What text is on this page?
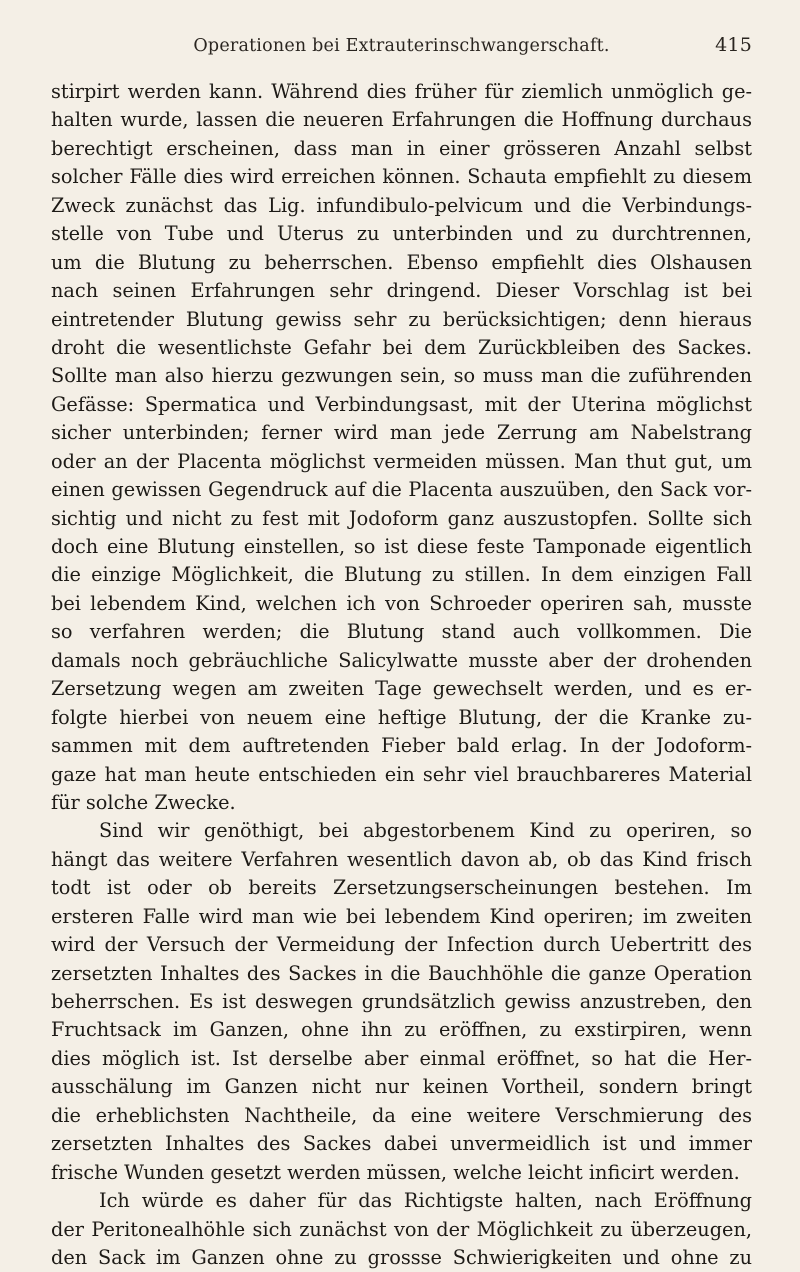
Operationen bei Extrauterinschwangerschaft.	415
stirpirt werden kann. Während dies früher für ziemlich unmöglich ge-
halten wurde, lassen die neueren Erfahrungen die Hoffnung durchaus
berechtigt erscheinen, dass man in einer grösseren Anzahl selbst
solcher Fälle dies wird erreichen können. Schauta empfiehlt zu diesem
Zweck zunächst das Lig. infundibulo-pelvicum und die Verbindungs-
stelle von Tube und Uterus zu unterbinden und zu durchtrennen,
um die Blutung zu beherrschen. Ebenso empfiehlt dies Olshausen
nach seinen Erfahrungen sehr dringend. Dieser Vorschlag ist bei
eintretender Blutung gewiss sehr zu berücksichtigen; denn hieraus
droht die wesentlichste Gefahr bei dem Zurückbleiben des Sackes.
Sollte man also hierzu gezwungen sein, so muss man die zuführenden
Gefässe: Spermatica und Verbindungsast, mit der Uterina möglichst
sicher unterbinden; ferner wird man jede Zerrung am Nabelstrang
oder an der Placenta möglichst vermeiden müssen. Man thut gut, um
einen gewissen Gegendruck auf die Placenta auszuüben, den Sack vor-
sichtig und nicht zu fest mit Jodoform ganz auszustopfen. Sollte sich
doch eine Blutung einstellen, so ist diese feste Tamponade eigentlich
die einzige Möglichkeit, die Blutung zu stillen. In dem einzigen Fall
bei lebendem Kind, welchen ich von Schroeder operiren sah, musste
so verfahren werden; die Blutung stand auch vollkommen. Die
damals noch gebräuchliche Salicylwatte musste aber der drohenden
Zersetzung wegen am zweiten Tage gewechselt werden, und es er-
folgte hierbei von neuem eine heftige Blutung, der die Kranke zu-
sammen mit dem auftretenden Fieber bald erlag. In der Jodoform-
gaze hat man heute entschieden ein sehr viel brauchbareres Material
für solche Zwecke.
Sind wir genöthigt, bei abgestorbenem Kind zu operiren, so
hängt das weitere Verfahren wesentlich davon ab, ob das Kind frisch
todt ist oder ob bereits Zersetzungserscheinungen bestehen. Im
ersteren Falle wird man wie bei lebendem Kind operiren; im zweiten
wird der Versuch der Vermeidung der Infection durch Uebertritt des
zersetzten Inhaltes des Sackes in die Bauchhöhle die ganze Operation
beherrschen. Es ist deswegen grundsätzlich gewiss anzustreben, den
Fruchtsack im Ganzen, ohne ihn zu eröffnen, zu exstirpiren, wenn
dies möglich ist. Ist derselbe aber einmal eröffnet, so hat die Her-
ausschälung im Ganzen nicht nur keinen Vortheil, sondern bringt
die erheblichsten Nachtheile, da eine weitere Verschmierung des
zersetzten Inhaltes des Sackes dabei unvermeidlich ist und immer
frische Wunden gesetzt werden müssen, welche leicht inficirt werden.
Ich würde es daher für das Richtigste halten, nach Eröffnung
der Peritonealhöhle sich zunächst von der Möglichkeit zu überzeugen,
den Sack im Ganzen ohne zu grossse Schwierigkeiten und ohne zu
